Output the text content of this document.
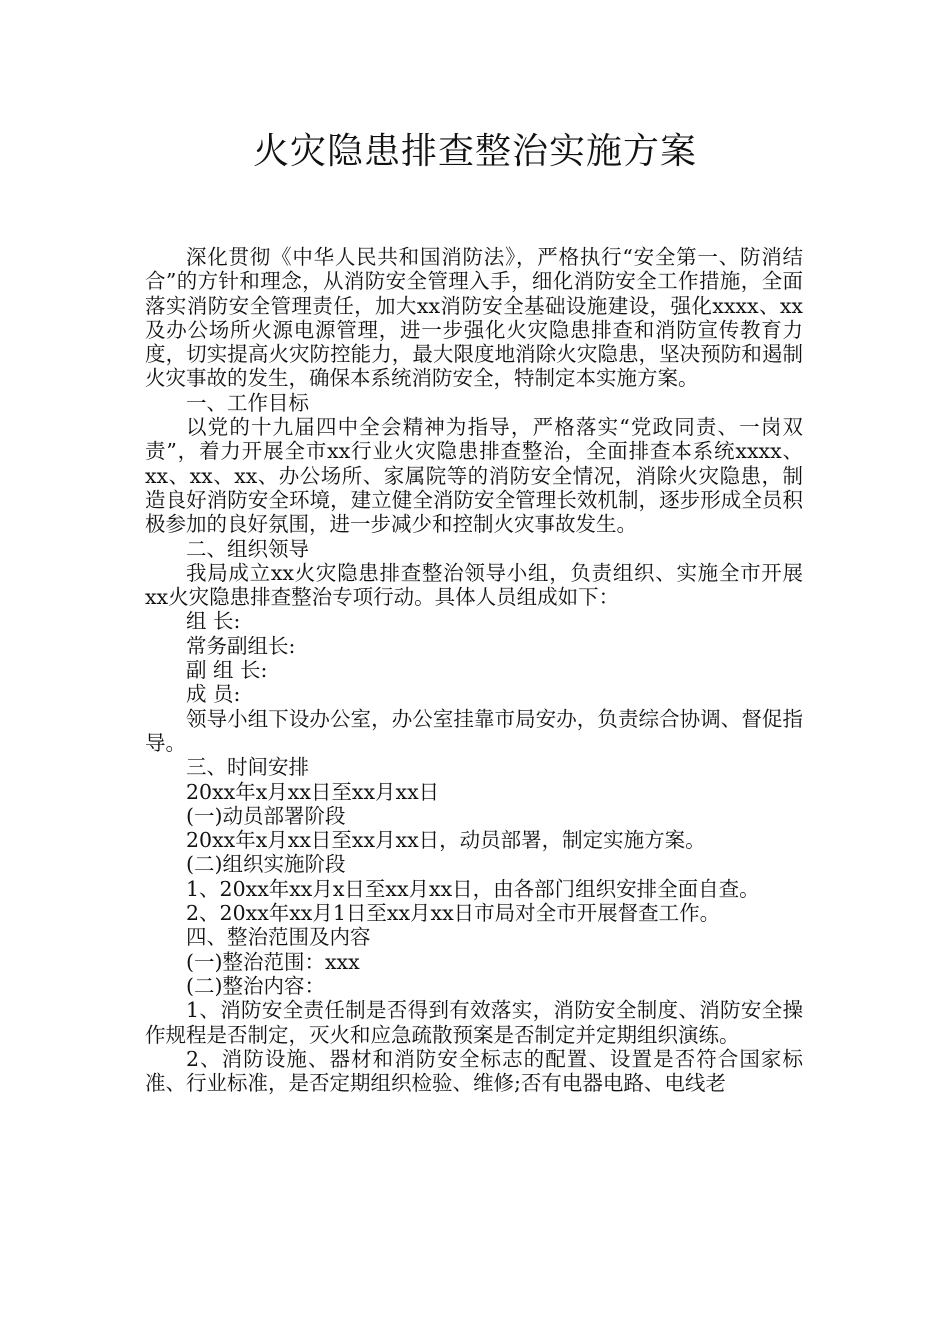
火灾隐患排查整治实施方案

深化贯彻《中华人民共和国消防法》，严格执行“安全第一、防消结合”的方针和理念，从消防安全管理入手，细化消防安全工作措施，全面落实消防安全管理责任，加大xx消防安全基础设施建设，强化xxxx、xx及办公场所火源电源管理，进一步强化火灾隐患排查和消防宣传教育力度，切实提高火灾防控能力，最大限度地消除火灾隐患，坚决预防和遏制火灾事故的发生，确保本系统消防安全，特制定本实施方案。

一、工作目标

以党的十九届四中全会精神为指导，严格落实“党政同责、一岗双责”，着力开展全市xx行业火灾隐患排查整治，全面排查本系统xxxx、xx、xx、xx、办公场所、家属院等的消防安全情况，消除火灾隐患，制造良好消防安全环境，建立健全消防安全管理长效机制，逐步形成全员积极参加的良好氛围，进一步减少和控制火灾事故发生。

二、组织领导

我局成立xx火灾隐患排查整治领导小组，负责组织、实施全市开展xx火灾隐患排查整治专项行动。具体人员组成如下：

组 长:

常务副组长:

副 组 长:

成 员:

领导小组下设办公室，办公室挂靠市局安办，负责综合协调、督促指导。

三、时间安排

20xx年x月xx日至xx月xx日

(一)动员部署阶段

20xx年x月xx日至xx月xx日，动员部署，制定实施方案。

(二)组织实施阶段

1、20xx年xx月x日至xx月xx日，由各部门组织安排全面自查。

2、20xx年xx月1日至xx月xx日市局对全市开展督查工作。

四、整治范围及内容

(一)整治范围：xxx

(二)整治内容：

1、消防安全责任制是否得到有效落实，消防安全制度、消防安全操作规程是否制定，灭火和应急疏散预案是否制定并定期组织演练。

2、消防设施、器材和消防安全标志的配置、设置是否符合国家标准、行业标准，是否定期组织检验、维修;否有电器电路、电线老
